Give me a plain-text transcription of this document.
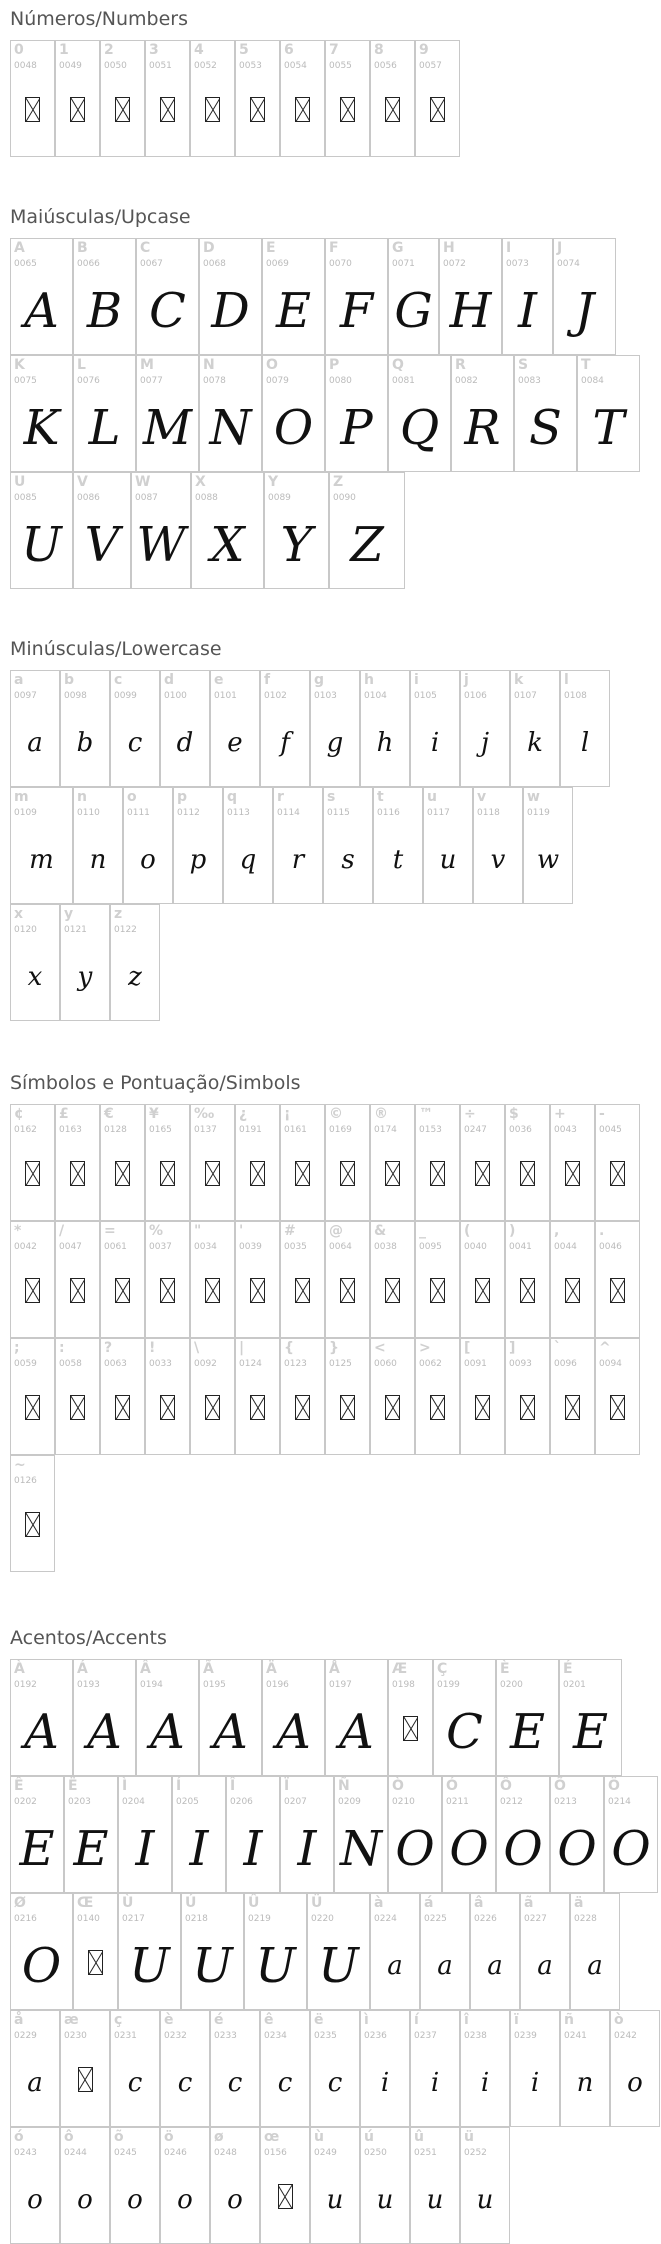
Números/Numbers
0
0048
1
0049
2
0050
3
0051
4
0052
5
0053
6
0054
7
0055
8
0056
9
0057
Maiúsculas/Upcase
A
0065
A
B
0066
B
C
0067
C
D
0068
D
E
0069
E
F
0070
F
G
0071
G
H
0072
H
I
0073
I
J
0074
J
K
0075
K
L
0076
L
M
0077
M
N
0078
N
O
0079
O
P
0080
P
Q
0081
Q
R
0082
R
S
0083
S
T
0084
T
U
0085
U
V
0086
V
W
0087
W
X
0088
X
Y
0089
Y
Z
0090
Z
Minúsculas/Lowercase
a
0097
a
b
0098
b
c
0099
c
d
0100
d
e
0101
e
f
0102
f
g
0103
g
h
0104
h
i
0105
i
j
0106
j
k
0107
k
l
0108
l
m
0109
m
n
0110
n
o
0111
o
p
0112
p
q
0113
q
r
0114
r
s
0115
s
t
0116
t
u
0117
u
v
0118
v
w
0119
w
x
0120
x
y
0121
y
z
0122
z
Símbolos e Pontuação/Simbols
¢
0162
£
0163
€
0128
¥
0165
‰
0137
¿
0191
¡
0161
©
0169
®
0174
™
0153
÷
0247
$
0036
+
0043
-
0045
*
0042
/
0047
=
0061
%
0037
"
0034
'
0039
#
0035
@
0064
&
0038
_
0095
(
0040
)
0041
,
0044
.
0046
;
0059
:
0058
?
0063
!
0033
\
0092
|
0124
{
0123
}
0125
<
0060
>
0062
[
0091
]
0093
`
0096
^
0094
~
0126
Acentos/Accents
À
0192
A
Á
0193
A
Â
0194
A
Ã
0195
A
Ä
0196
A
Å
0197
A
Æ
0198
Ç
0199
C
È
0200
E
É
0201
E
Ê
0202
E
Ë
0203
E
Ì
0204
I
Í
0205
I
Î
0206
I
Ï
0207
I
Ñ
0209
N
Ò
0210
O
Ó
0211
O
Ô
0212
O
Õ
0213
O
Ö
0214
O
Ø
0216
O
Œ
0140
Ù
0217
U
Ú
0218
U
Û
0219
U
Ü
0220
U
à
0224
a
á
0225
a
â
0226
a
ã
0227
a
ä
0228
a
å
0229
a
æ
0230
ç
0231
c
è
0232
c
é
0233
c
ê
0234
c
ë
0235
c
ì
0236
i
í
0237
i
î
0238
i
ï
0239
i
ñ
0241
n
ò
0242
o
ó
0243
o
ô
0244
o
õ
0245
o
ö
0246
o
ø
0248
o
œ
0156
ù
0249
u
ú
0250
u
û
0251
u
ü
0252
u
